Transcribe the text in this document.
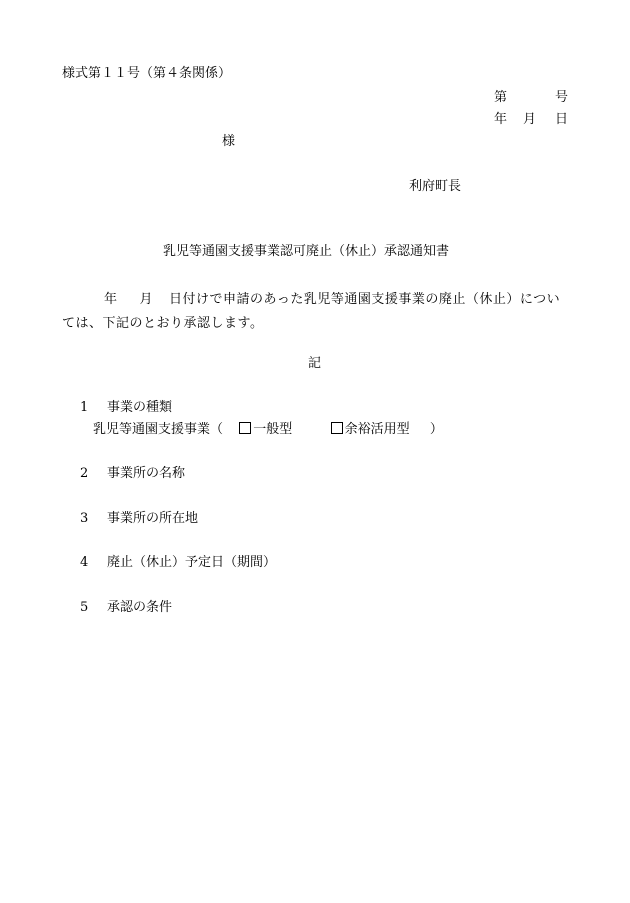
様式第１１号（第４条関係）
第	号
年 月 日
様
利府町長
乳児等通園支援事業認可廃止（休止）承認通知書
年 月 日付けで申請のあった乳児等通園支援事業の廃止（休止）については、下記のとおり承認します。
記
1 事業の種類
乳児等通園支援事業（ 一般型	余裕活用型 ）
2 事業所の名称
3 事業所の所在地
4 廃止（休止）予定日（期間）
5 承認の条件
